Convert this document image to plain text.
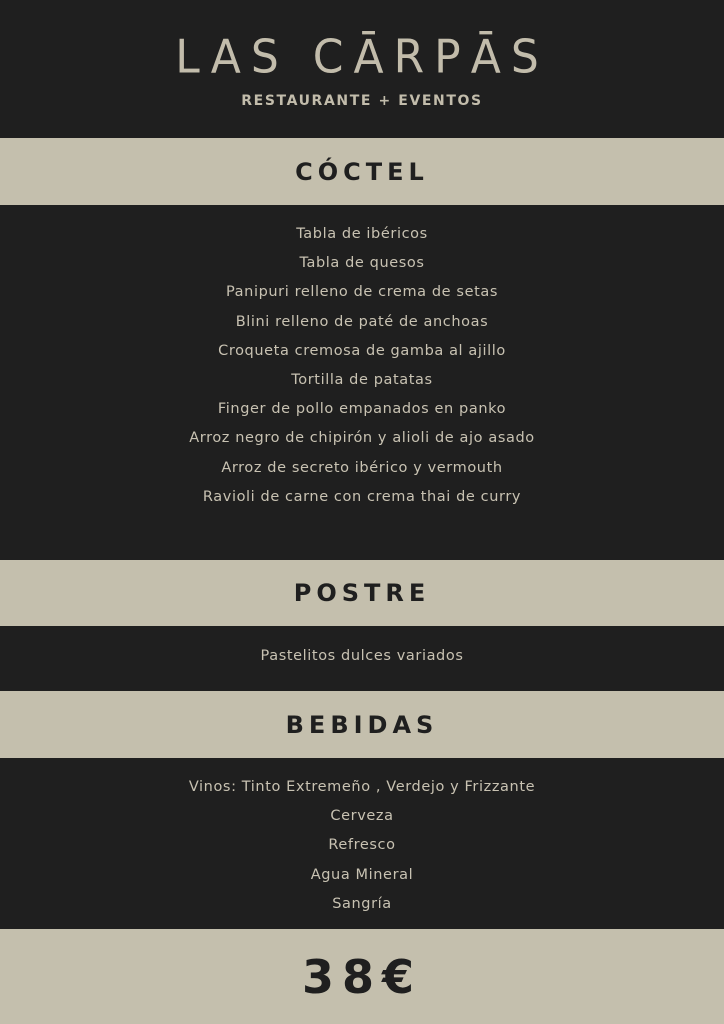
LAS CĀRPĀS
RESTAURANTE + EVENTOS
CÓCTEL
Tabla de ibéricos
Tabla de quesos
Panipuri relleno de crema de setas
Blini relleno de paté de anchoas
Croqueta cremosa de gamba al ajillo
Tortilla de patatas
Finger de pollo empanados en panko
Arroz negro de chipirón y alioli de ajo asado
Arroz de secreto ibérico y vermouth
Ravioli de carne con crema thai de curry
POSTRE
Pastelitos dulces variados
BEBIDAS
Vinos: Tinto Extremeño , Verdejo y Frizzante
Cerveza
Refresco
Agua Mineral
Sangría
38€
